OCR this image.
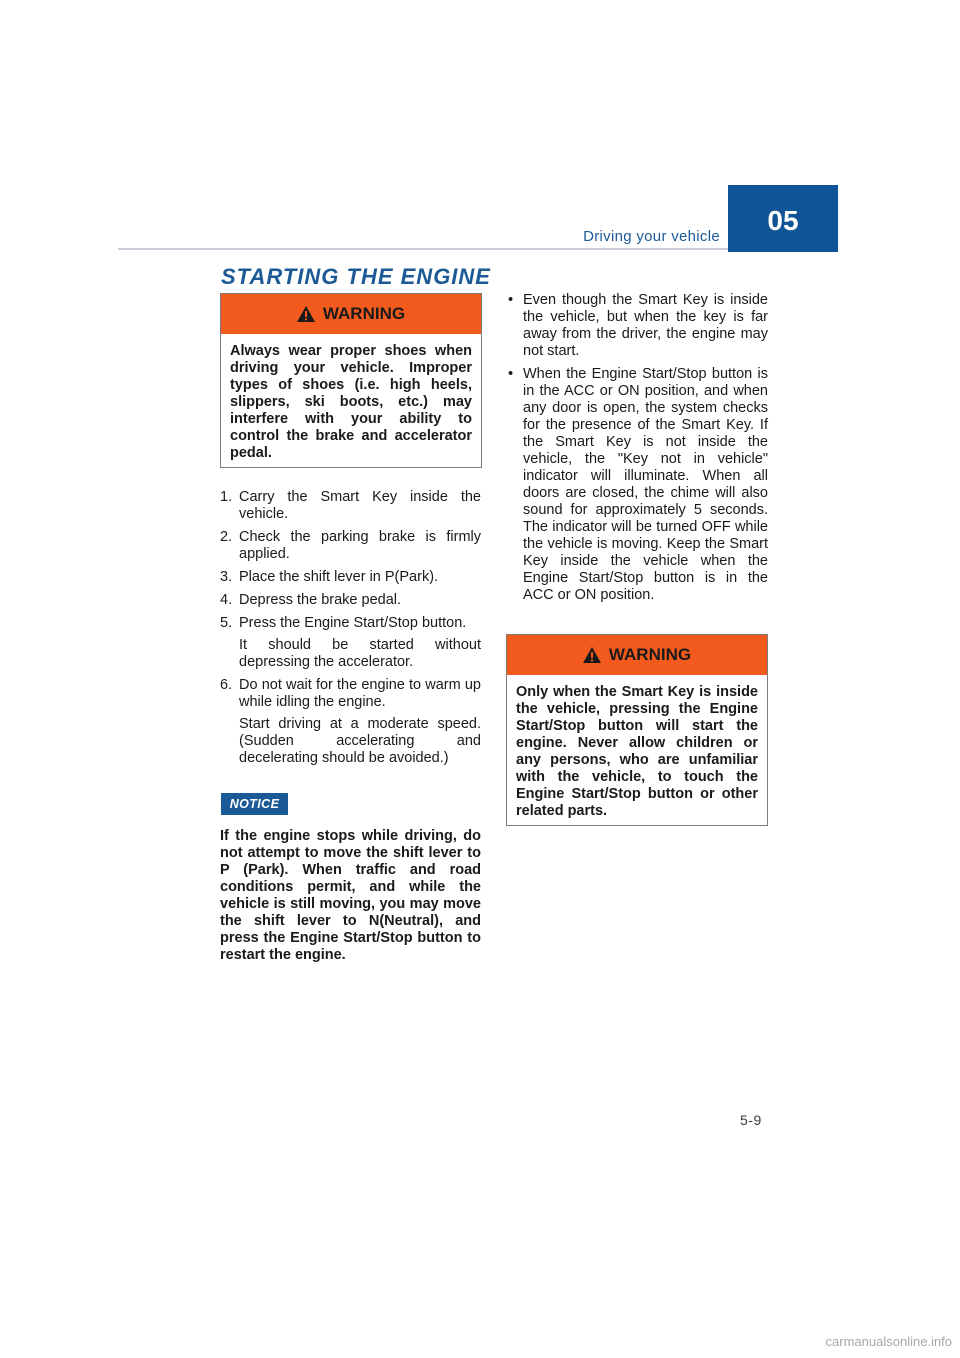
Driving your vehicle
05
STARTING THE ENGINE
WARNING
Always wear proper shoes when driving your vehicle. Improper types of shoes (i.e. high heels, slippers, ski boots, etc.) may interfere with your ability to control the brake and accelerator pedal.
1. Carry the Smart Key inside the vehicle.

2. Check the parking brake is firmly applied.

3. Place the shift lever in P(Park).

4. Depress the brake pedal.

5. Press the Engine Start/Stop button.

It should be started without depressing the accelerator.

6. Do not wait for the engine to warm up while idling the engine.

Start driving at a moderate speed. (Sudden accelerating and decelerating should be avoided.)

NOTICE
If the engine stops while driving, do not attempt to move the shift lever to P (Park). When traffic and road conditions permit, and while the vehicle is still moving, you may move the shift lever to N(Neutral), and press the Engine Start/Stop button to restart the engine.
• Even though the Smart Key is inside the vehicle, but when the key is far away from the driver, the engine may not start.
• When the Engine Start/Stop button is in the ACC or ON position, and when any door is open, the system checks for the presence of the Smart Key. If the Smart Key is not inside the vehicle, the "Key not in vehicle" indicator will illuminate. When all doors are closed, the chime will also sound for approximately 5 seconds. The indicator will be turned OFF while the vehicle is moving. Keep the Smart Key inside the vehicle when the Engine Start/Stop button is in the ACC or ON position.
WARNING
Only when the Smart Key is inside the vehicle, pressing the Engine Start/Stop button will start the engine. Never allow children or any persons, who are unfamiliar with the vehicle, to touch the Engine Start/Stop button or other related parts.
5-9
carmanualsonline.info
